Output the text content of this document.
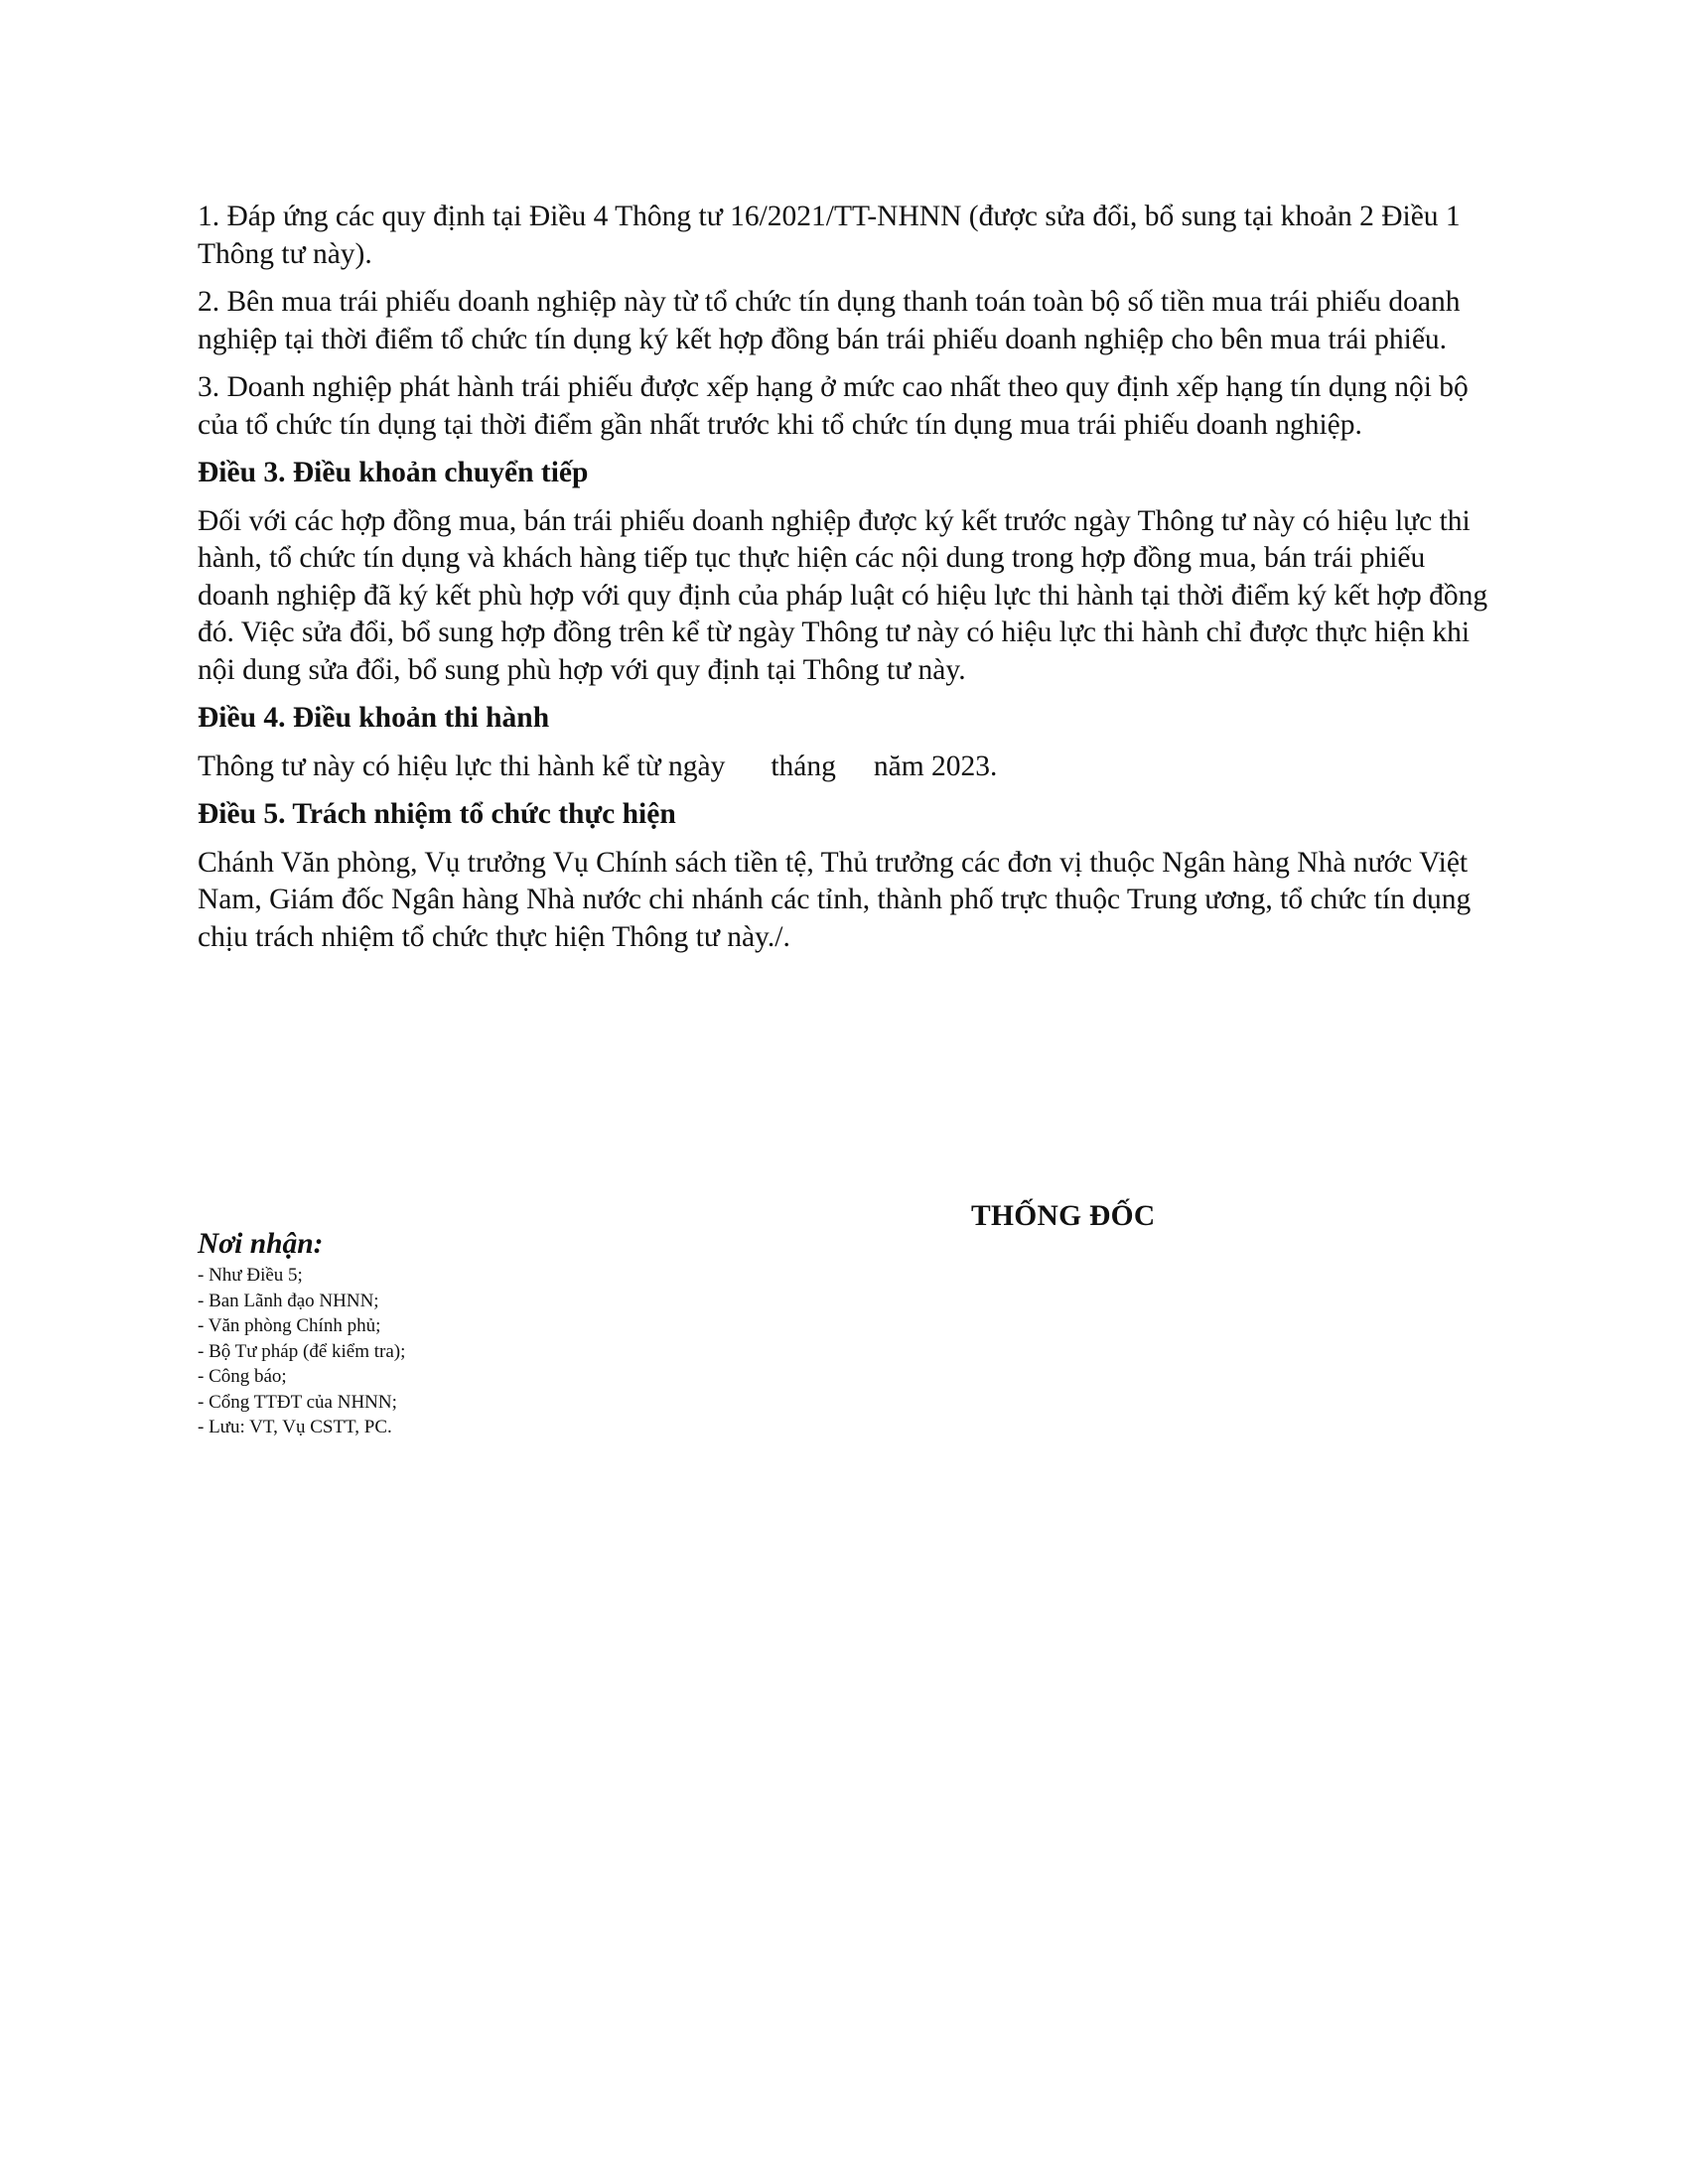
1. Đáp ứng các quy định tại Điều 4 Thông tư 16/2021/TT-NHNN (được sửa đổi, bổ sung tại khoản 2 Điều 1 Thông tư này).

2. Bên mua trái phiếu doanh nghiệp này từ tổ chức tín dụng thanh toán toàn bộ số tiền mua trái phiếu doanh nghiệp tại thời điểm tổ chức tín dụng ký kết hợp đồng bán trái phiếu doanh nghiệp cho bên mua trái phiếu.

3. Doanh nghiệp phát hành trái phiếu được xếp hạng ở mức cao nhất theo quy định xếp hạng tín dụng nội bộ của tổ chức tín dụng tại thời điểm gần nhất trước khi tổ chức tín dụng mua trái phiếu doanh nghiệp.

Điều 3. Điều khoản chuyển tiếp

Đối với các hợp đồng mua, bán trái phiếu doanh nghiệp được ký kết trước ngày Thông tư này có hiệu lực thi hành, tổ chức tín dụng và khách hàng tiếp tục thực hiện các nội dung trong hợp đồng mua, bán trái phiếu doanh nghiệp đã ký kết phù hợp với quy định của pháp luật có hiệu lực thi hành tại thời điểm ký kết hợp đồng đó. Việc sửa đổi, bổ sung hợp đồng trên kể từ ngày Thông tư này có hiệu lực thi hành chỉ được thực hiện khi nội dung sửa đổi, bổ sung phù hợp với quy định tại Thông tư này.

Điều 4. Điều khoản thi hành

Thông tư này có hiệu lực thi hành kể từ ngày tháng năm 2023.

Điều 5. Trách nhiệm tổ chức thực hiện

Chánh Văn phòng, Vụ trưởng Vụ Chính sách tiền tệ, Thủ trưởng các đơn vị thuộc Ngân hàng Nhà nước Việt Nam, Giám đốc Ngân hàng Nhà nước chi nhánh các tỉnh, thành phố trực thuộc Trung ương, tổ chức tín dụng chịu trách nhiệm tổ chức thực hiện Thông tư này./.

THỐNG ĐỐC

Nơi nhận:

- Như Điều 5;
- Ban Lãnh đạo NHNN;
- Văn phòng Chính phủ;
- Bộ Tư pháp (để kiểm tra);
- Công báo;
- Cổng TTĐT của NHNN;
- Lưu: VT, Vụ CSTT, PC.
